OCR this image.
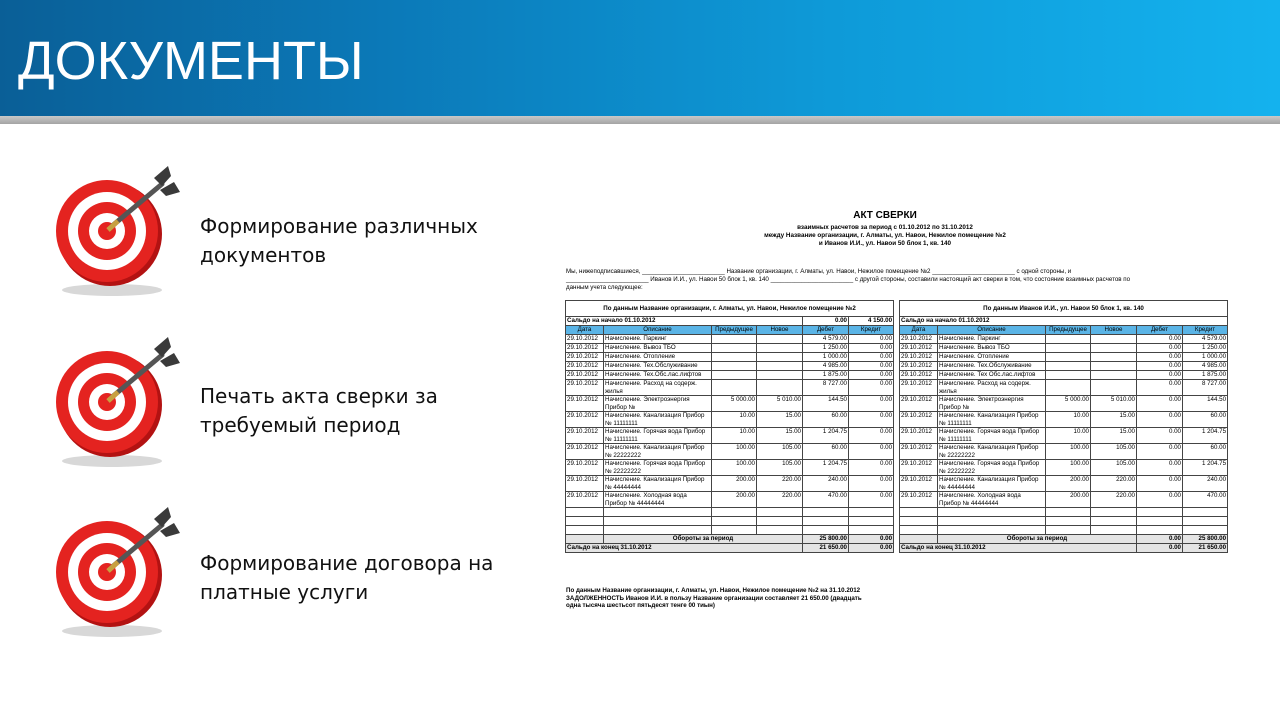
ДОКУМЕНТЫ
Формирование различных
документов
Печать акта сверки за
требуемый период
Формирование договора на
платные услуги
АКТ СВЕРКИ
взаимных расчетов за период с 01.10.2012 по 31.10.2012
между Название организации, г. Алматы, ул. Навои, Нежилое помещение №2
и Иванов И.И., ул. Навои 50 блок 1, кв. 140
Мы, нижеподписавшиеся, ________________________ Название организации, г. Алматы, ул. Навои, Нежилое помещение №2 ________________________ с одной стороны, и
________________________ Иванов И.И., ул. Навои 50 блок 1, кв. 140 ________________________ с другой стороны, составили настоящий акт сверки в том, что состояние взаимных расчетов по
данным учета следующее:
По данным Название организации, г. Алматы, ул. Навои, Нежилое помещение №2					
Сальдо на начало 01.10.2012				0.00	4 150.00
Дата	Описание	Предыдущее	Новое	Дебет	Кредит
29.10.2012	Начисление. Паркинг			4 579.00	0.00
29.10.2012	Начисление. Вывоз ТБО			1 250.00	0.00
29.10.2012	Начисление. Отопление			1 000.00	0.00
29.10.2012	Начисление. Тех.Обслуживание			4 985.00	0.00
29.10.2012	Начисление. Тех.Обс.лас.лифтов			1 875.00	0.00
29.10.2012	Начисление. Расход на содерж. жилья			8 727.00	0.00
29.10.2012	Начисление. Электроэнергия Прибор №	5 000.00	5 010.00	144.50	0.00
29.10.2012	Начисление. Канализация Прибор № 11111111	10.00	15.00	60.00	0.00
29.10.2012	Начисление. Горячая вода Прибор № 11111111	10.00	15.00	1 204.75	0.00
29.10.2012	Начисление. Канализация Прибор № 22222222	100.00	105.00	60.00	0.00
29.10.2012	Начисление. Горячая вода Прибор № 22222222	100.00	105.00	1 204.75	0.00
29.10.2012	Начисление. Канализация Прибор № 44444444	200.00	220.00	240.00	0.00
29.10.2012	Начисление. Холодная вода Прибор № 44444444	200.00	220.00	470.00	0.00

	Обороты за период			25 800.00	0.00
Сальдо на конец 31.10.2012				21 650.00	0.00
По данным Иванов И.И., ул. Навои 50 блок 1, кв. 140					
Сальдо на начало 01.10.2012					
Дата	Описание	Предыдущее	Новое	Дебет	Кредит
29.10.2012	Начисление. Паркинг			0.00	4 579.00
29.10.2012	Начисление. Вывоз ТБО			0.00	1 250.00
29.10.2012	Начисление. Отопление			0.00	1 000.00
29.10.2012	Начисление. Тех.Обслуживание			0.00	4 985.00
29.10.2012	Начисление. Тех Обс.лас.лифтов			0.00	1 875.00
29.10.2012	Начисление. Расход на содерж. жилья			0.00	8 727.00
29.10.2012	Начисление. Электроэнергия Прибор №	5 000.00	5 010.00	0.00	144.50
29.10.2012	Начисление. Канализация Прибор № 11111111	10.00	15.00	0.00	60.00
29.10.2012	Начисление. Горячая вода Прибор № 11111111	10.00	15.00	0.00	1 204.75
29.10.2012	Начисление. Канализация Прибор № 22222222	100.00	105.00	0.00	60.00
29.10.2012	Начисление. Горячая вода Прибор № 22222222	100.00	105.00	0.00	1 204.75
29.10.2012	Начисление. Канализация Прибор № 44444444	200.00	220.00	0.00	240.00
29.10.2012	Начисление. Холодная вода Прибор № 44444444	200.00	220.00	0.00	470.00

	Обороты за период			0.00	25 800.00
Сальдо на конец 31.10.2012				0.00	21 650.00
По данным Название организации, г. Алматы, ул. Навои, Нежилое помещение №2 на 31.10.2012
ЗАДОЛЖЕННОСТЬ Иванов И.И. в пользу Название организации составляет 21 650.00 (двадцать
одна тысяча шестьсот пятьдесят тенге 00 тиын)
